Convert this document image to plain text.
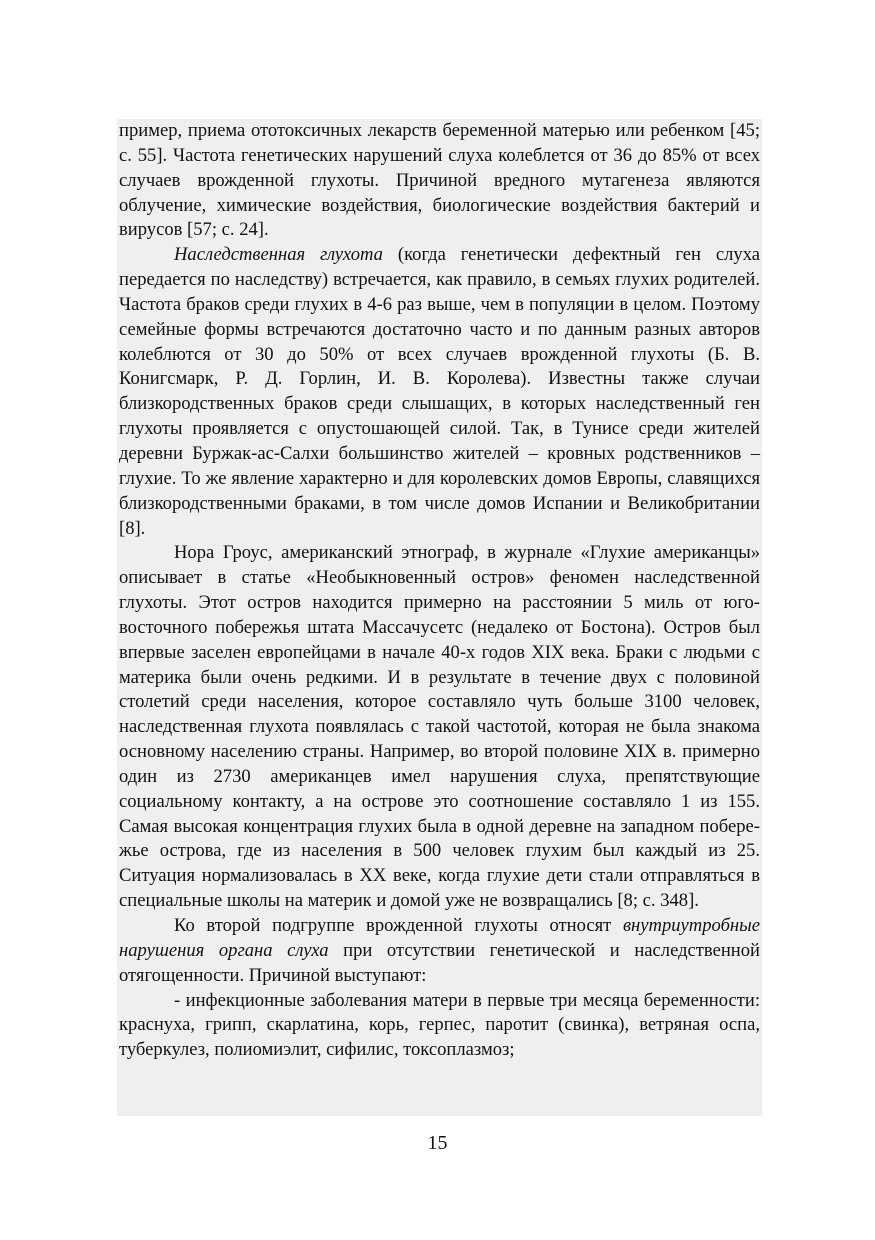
пример, приема ототоксичных лекарств беременной матерью или ребенком [45; с. 55]. Частота генетических нарушений слуха колеблется от 36 до 85% от всех случаев врожденной глухоты. Причиной вредного мутагенеза являются облучение, химические воздействия, биологические воздействия бактерий и вирусов [57; с. 24].

Наследственная глухота (когда генетически дефектный ген слуха передается по наследству) встречается, как правило, в семьях глухих родителей. Частота браков среди глухих в 4-6 раз выше, чем в популяции в целом. Поэтому семейные формы встречаются достаточно часто и по данным разных авторов колеблются от 30 до 50% от всех случаев врожденной глухоты (Б. В. Конигсмарк, Р. Д. Горлин, И. В. Королева). Известны также случаи близкородственных браков среди слышащих, в которых наследственный ген глухоты проявляется с опустошающей силой. Так, в Тунисе среди жителей деревни Буржак-ас-Салхи большинство жителей – кровных родственников – глухие. То же явление характерно и для королевских домов Европы, славящихся близкородственными браками, в том числе домов Испании и Великобритании [8].

Нора Гроус, американский этнограф, в журнале «Глухие американцы» описывает в статье «Необыкновенный остров» феномен наследственной глухоты. Этот остров находится примерно на расстоянии 5 миль от юго-восточного побережья штата Массачусетс (недалеко от Бостона). Остров был впервые заселен европейцами в начале 40-х годов XIX века. Браки с людьми с материка были очень редкими. И в результате в течение двух с половиной столетий среди населения, которое составляло чуть больше 3100 человек, наследственная глухота появлялась с такой частотой, которая не была знакома основному населению страны. Например, во второй половине XIX в. примерно один из 2730 американцев имел нарушения слуха, препятствующие социальному контакту, а на острове это соотношение составляло 1 из 155. Самая высокая концентрация глухих была в одной деревне на западном побережье острова, где из населения в 500 человек глухим был каждый из 25. Ситуация нормализовалась в XX веке, когда глухие дети стали отправляться в специальные школы на материк и домой уже не возвращались [8; с. 348].

Ко второй подгруппе врожденной глухоты относят внутриутробные нарушения органа слуха при отсутствии генетической и наследственной отягощенности. Причиной выступают:

- инфекционные заболевания матери в первые три месяца беременности: краснуха, грипп, скарлатина, корь, герпес, паротит (свинка), ветряная оспа, туберкулез, полиомиэлит, сифилис, токсоплазмоз;

15
